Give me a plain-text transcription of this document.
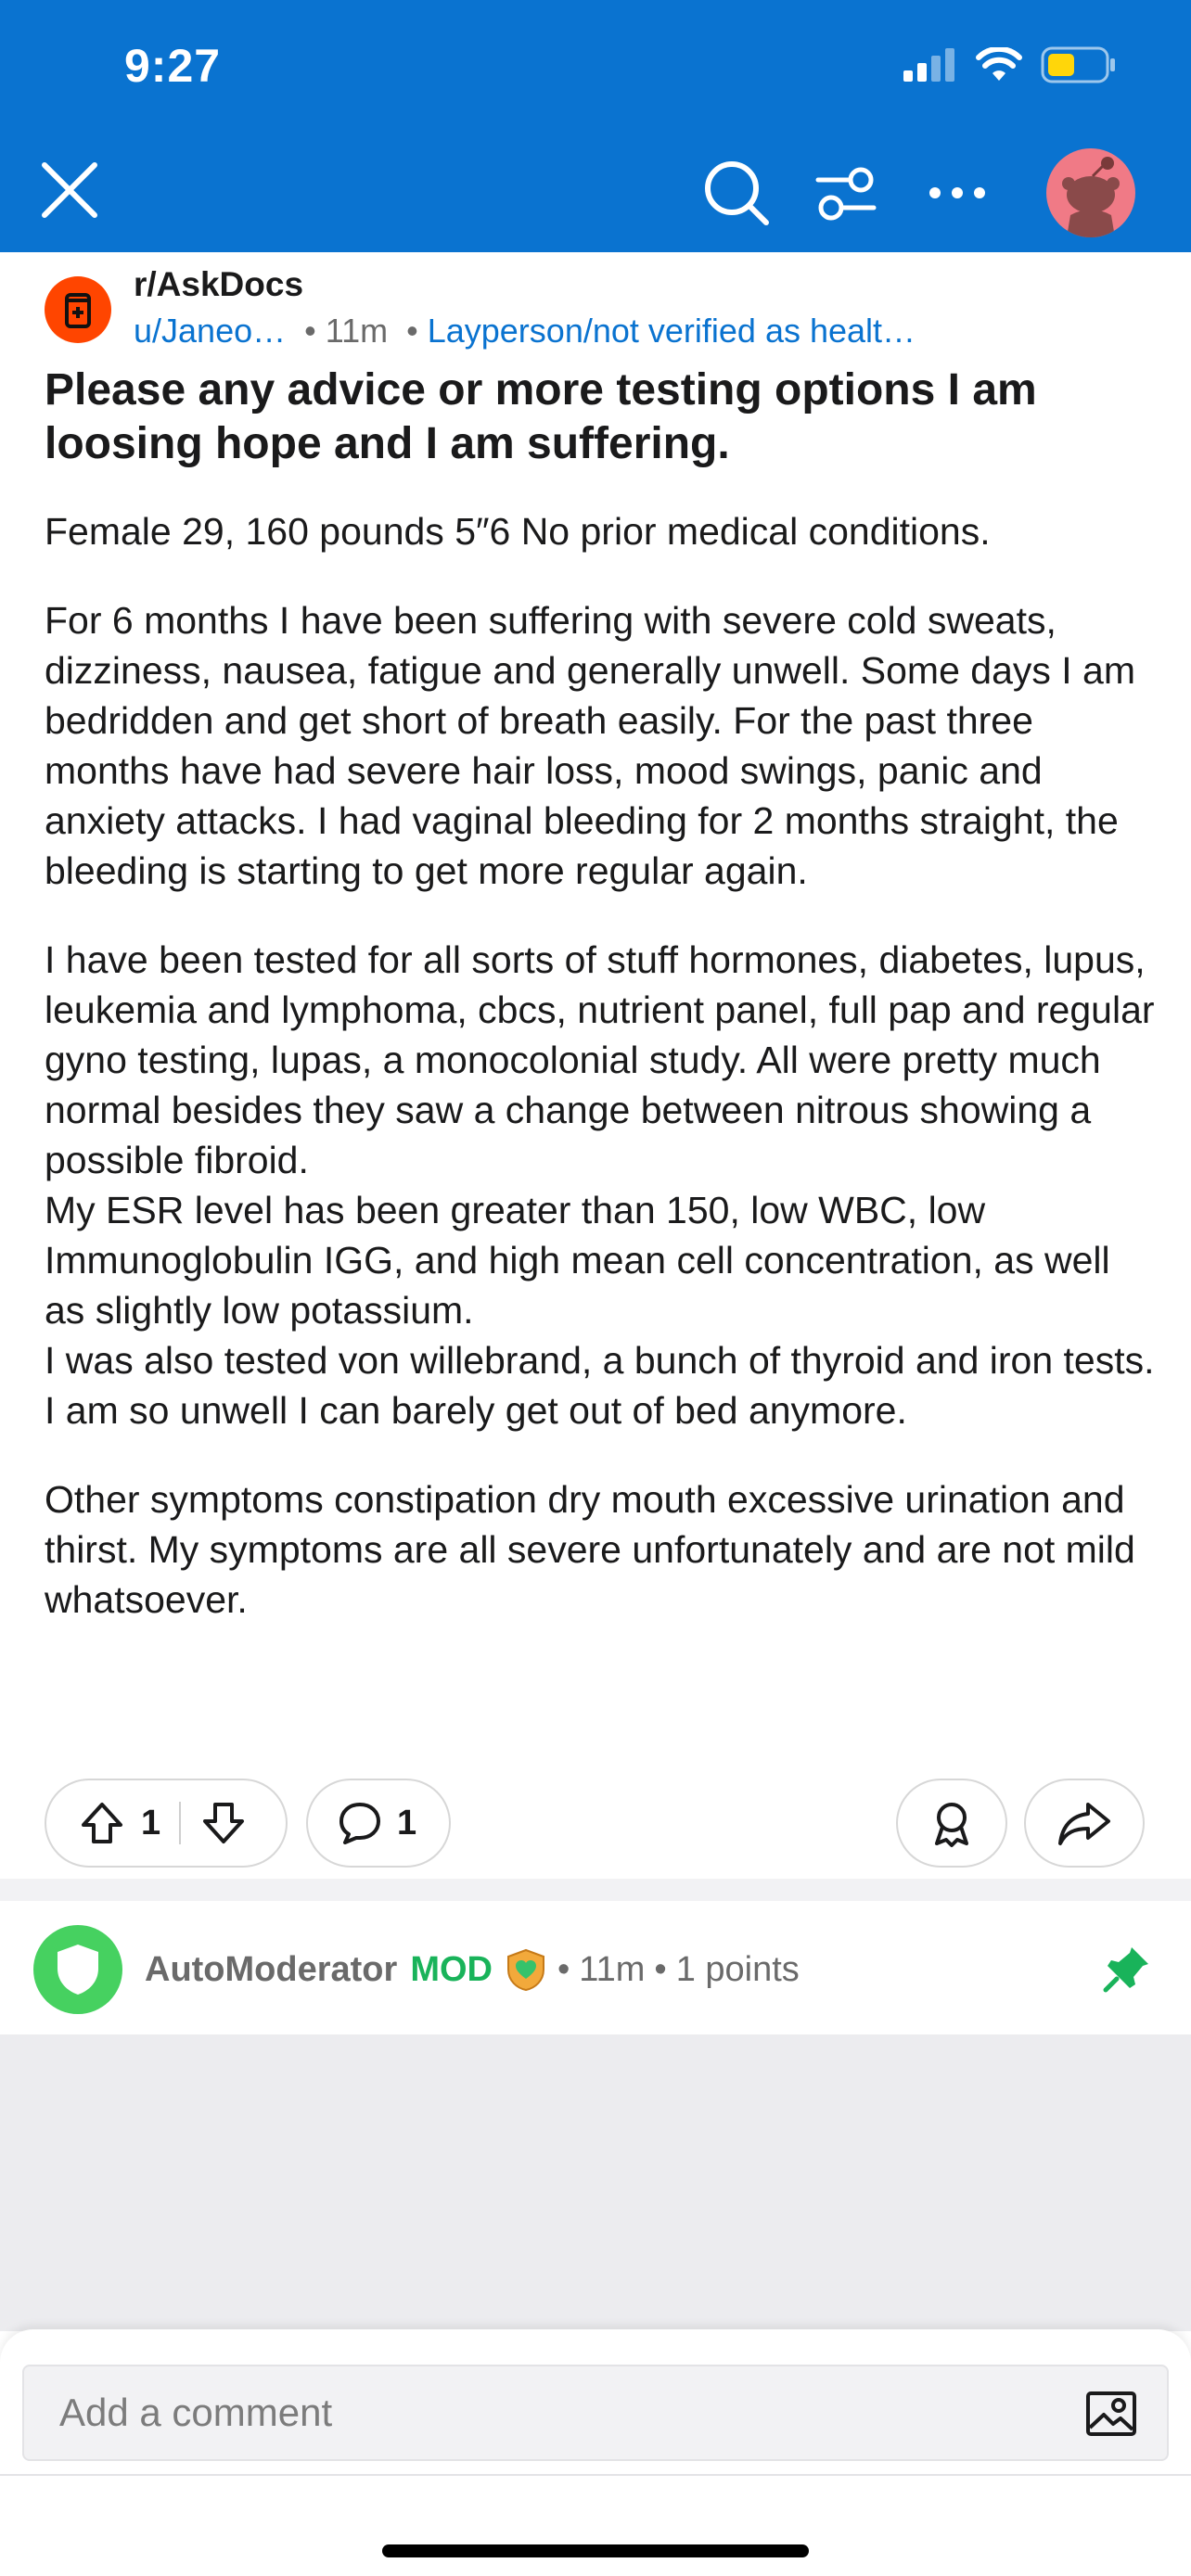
9:27
r/AskDocs
u/Janeo… • 11m • Layperson/not verified as healt…
Please any advice or more testing options I am loosing hope and I am suffering.

Female 29, 160 pounds 5″6 No prior medical conditions.

For 6 months I have been suffering with severe cold sweats, dizziness, nausea, fatigue and generally unwell. Some days I am bedridden and get short of breath easily. For the past three months have had severe hair loss, mood swings, panic and anxiety attacks. I had vaginal bleeding for 2 months straight, the bleeding is starting to get more regular again.

I have been tested for all sorts of stuff hormones, diabetes, lupus, leukemia and lymphoma, cbcs, nutrient panel, full pap and regular gyno testing, lupas, a monocolonial study. All were pretty much normal besides they saw a change between nitrous showing a possible fibroid.
My ESR level has been greater than 150, low WBC, low Immunoglobulin IGG, and high mean cell concentration, as well as slightly low potassium.
I was also tested von willebrand, a bunch of thyroid and iron tests. I am so unwell I can barely get out of bed anymore.

Other symptoms constipation dry mouth excessive urination and thirst. My symptoms are all severe unfortunately and are not mild whatsoever.

1	1
AutoModerator MOD • 11m • 1 points
Add a comment
